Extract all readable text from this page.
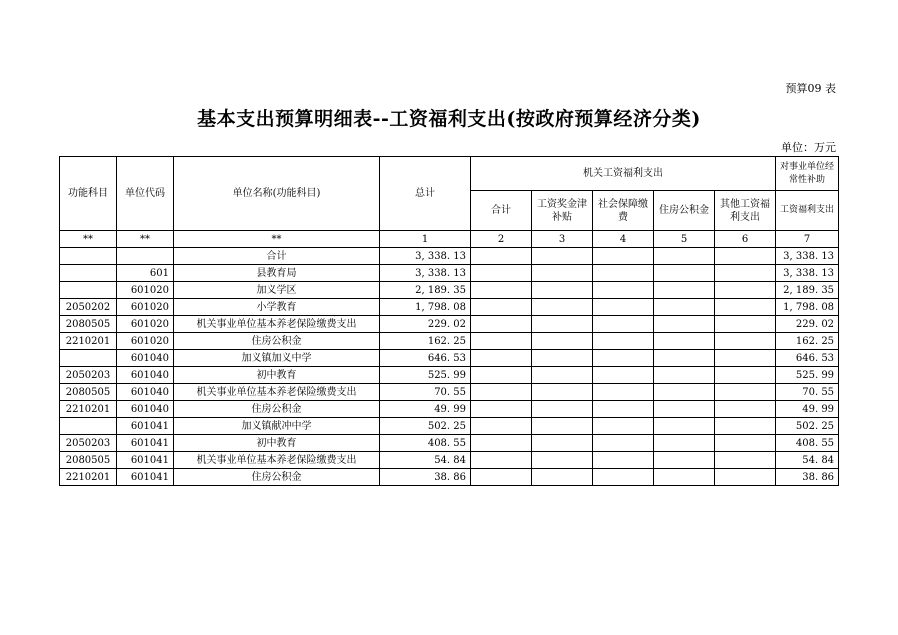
预算09 表
基本支出预算明细表--工资福利支出(按政府预算经济分类)
单位：万元
功能科目	单位代码	单位名称(功能科目)	总计	机关工资福利支出					对事业单位经常性补助
				合计	工资奖金津补贴	社会保障缴费	住房公积金	其他工资福利支出	工资福利支出
**	**	**	1	2	3	4	5	6	7
		合计	3, 338. 13						3, 338. 13
	601	县教育局	3, 338. 13						3, 338. 13
	601020	加义学区	2, 189. 35						2, 189. 35
2050202	601020	小学教育	1, 798. 08						1, 798. 08
2080505	601020	机关事业单位基本养老保险缴费支出	229. 02						229. 02
2210201	601020	住房公积金	162. 25						162. 25
	601040	加义镇加义中学	646. 53						646. 53
2050203	601040	初中教育	525. 99						525. 99
2080505	601040	机关事业单位基本养老保险缴费支出	70. 55						70. 55
2210201	601040	住房公积金	49. 99						49. 99
	601041	加义镇献冲中学	502. 25						502. 25
2050203	601041	初中教育	408. 55						408. 55
2080505	601041	机关事业单位基本养老保险缴费支出	54. 84						54. 84
2210201	601041	住房公积金	38. 86						38. 86
